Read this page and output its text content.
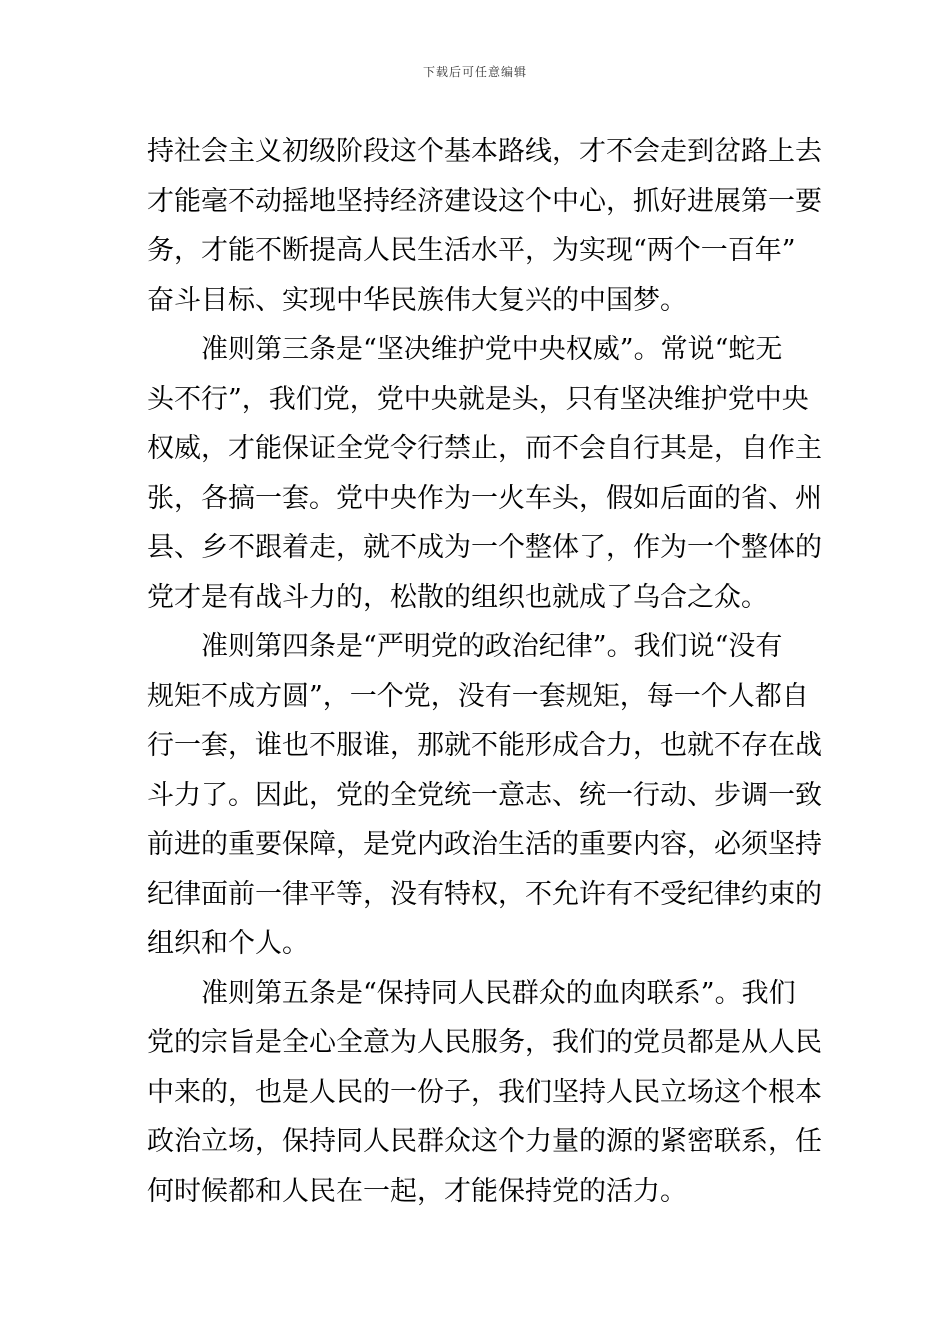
下载后可任意编辑
持社会主义初级阶段这个基本路线，才不会走到岔路上去
才能毫不动摇地坚持经济建设这个中心，抓好进展第一要
务，才能不断提高人民生活水平，为实现“两个一百年”
奋斗目标、实现中华民族伟大复兴的中国梦。
准则第三条是“坚决维护党中央权威”。常说“蛇无
头不行”，我们党，党中央就是头，只有坚决维护党中央
权威，才能保证全党令行禁止，而不会自行其是，自作主
张，各搞一套。党中央作为一火车头，假如后面的省、州
县、乡不跟着走，就不成为一个整体了，作为一个整体的
党才是有战斗力的，松散的组织也就成了乌合之众。
准则第四条是“严明党的政治纪律”。我们说“没有
规矩不成方圆”，一个党，没有一套规矩，每一个人都自
行一套，谁也不服谁，那就不能形成合力，也就不存在战
斗力了。因此，党的全党统一意志、统一行动、步调一致
前进的重要保障，是党内政治生活的重要内容，必须坚持
纪律面前一律平等，没有特权，不允许有不受纪律约束的
组织和个人。
准则第五条是“保持同人民群众的血肉联系”。我们
党的宗旨是全心全意为人民服务，我们的党员都是从人民
中来的，也是人民的一份子，我们坚持人民立场这个根本
政治立场，保持同人民群众这个力量的源的紧密联系，任
何时候都和人民在一起，才能保持党的活力。
